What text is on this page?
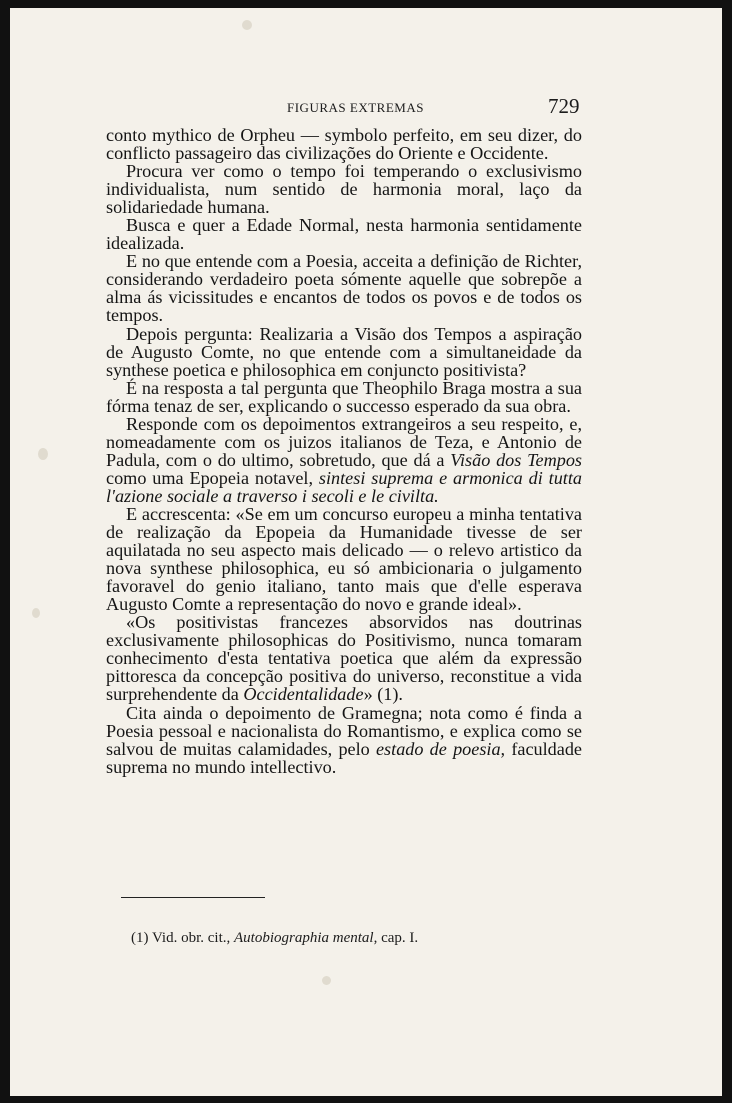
FIGURAS EXTREMAS	729

conto mythico de Orpheu — symbolo perfeito, em seu dizer, do conflicto passageiro das civilizações do Oriente e Occidente.

Procura ver como o tempo foi temperando o exclusivismo individualista, num sentido de harmonia moral, laço da solidariedade humana.

Busca e quer a Edade Normal, nesta harmonia sentidamente idealizada.

E no que entende com a Poesia, acceita a definição de Richter, considerando verdadeiro poeta sómente aquelle que sobrepõe a alma ás vicissitudes e encantos de todos os povos e de todos os tempos.

Depois pergunta: Realizaria a Visão dos Tempos a aspiração de Augusto Comte, no que entende com a simultaneidade da synthese poetica e philosophica em conjuncto positivista?

É na resposta a tal pergunta que Theophilo Braga mostra a sua fórma tenaz de ser, explicando o successo esperado da sua obra.

Responde com os depoimentos extrangeiros a seu respeito, e, nomeadamente com os juizos italianos de Teza, e Antonio de Padula, com o do ultimo, sobretudo, que dá a Visão dos Tempos como uma Epopeia notavel, sintesi suprema e armonica di tutta l'azione sociale a traverso i secoli e le civilta.

E accrescenta: «Se em um concurso europeu a minha tentativa de realização da Epopeia da Humanidade tivesse de ser aquilatada no seu aspecto mais delicado — o relevo artistico da nova synthese philosophica, eu só ambicionaria o julgamento favoravel do genio italiano, tanto mais que d'elle esperava Augusto Comte a representação do novo e grande ideal».

«Os positivistas francezes absorvidos nas doutrinas exclusivamente philosophicas do Positivismo, nunca tomaram conhecimento d'esta tentativa poetica que além da expressão pittoresca da concepção positiva do universo, reconstitue a vida surprehendente da Occidentalidade» (1).

Cita ainda o depoimento de Gramegna; nota como é finda a Poesia pessoal e nacionalista do Romantismo, e explica como se salvou de muitas calamidades, pelo estado de poesia, faculdade suprema no mundo intellectivo.

(1) Vid. obr. cit., Autobiographia mental, cap. I.
